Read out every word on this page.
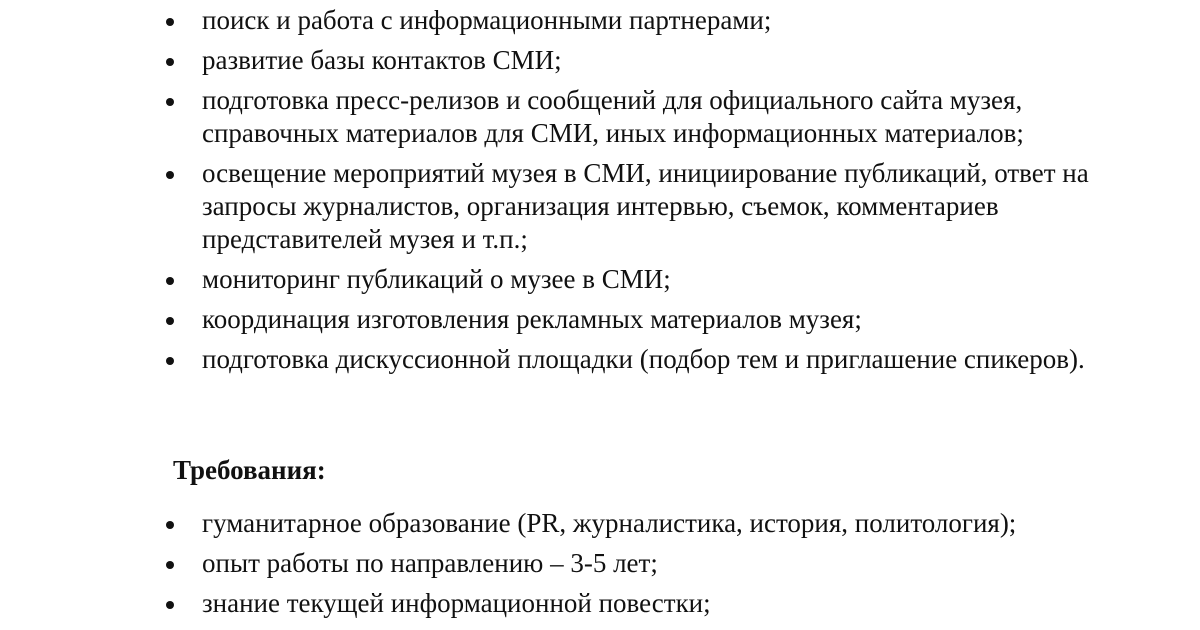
поиск и работа с информационными партнерами;
развитие базы контактов СМИ;
подготовка пресс-релизов и сообщений для официального сайта музея, справочных материалов для СМИ, иных информационных материалов;
освещение мероприятий музея в СМИ, инициирование публикаций, ответ на запросы журналистов, организация интервью, съемок, комментариев представителей музея и т.п.;
мониторинг публикаций о музее в СМИ;
координация изготовления рекламных материалов музея;
подготовка дискуссионной площадки (подбор тем и приглашение спикеров).
Требования:
гуманитарное образование (PR, журналистика, история, политология);
опыт работы по направлению – 3-5 лет;
знание текущей информационной повестки;
